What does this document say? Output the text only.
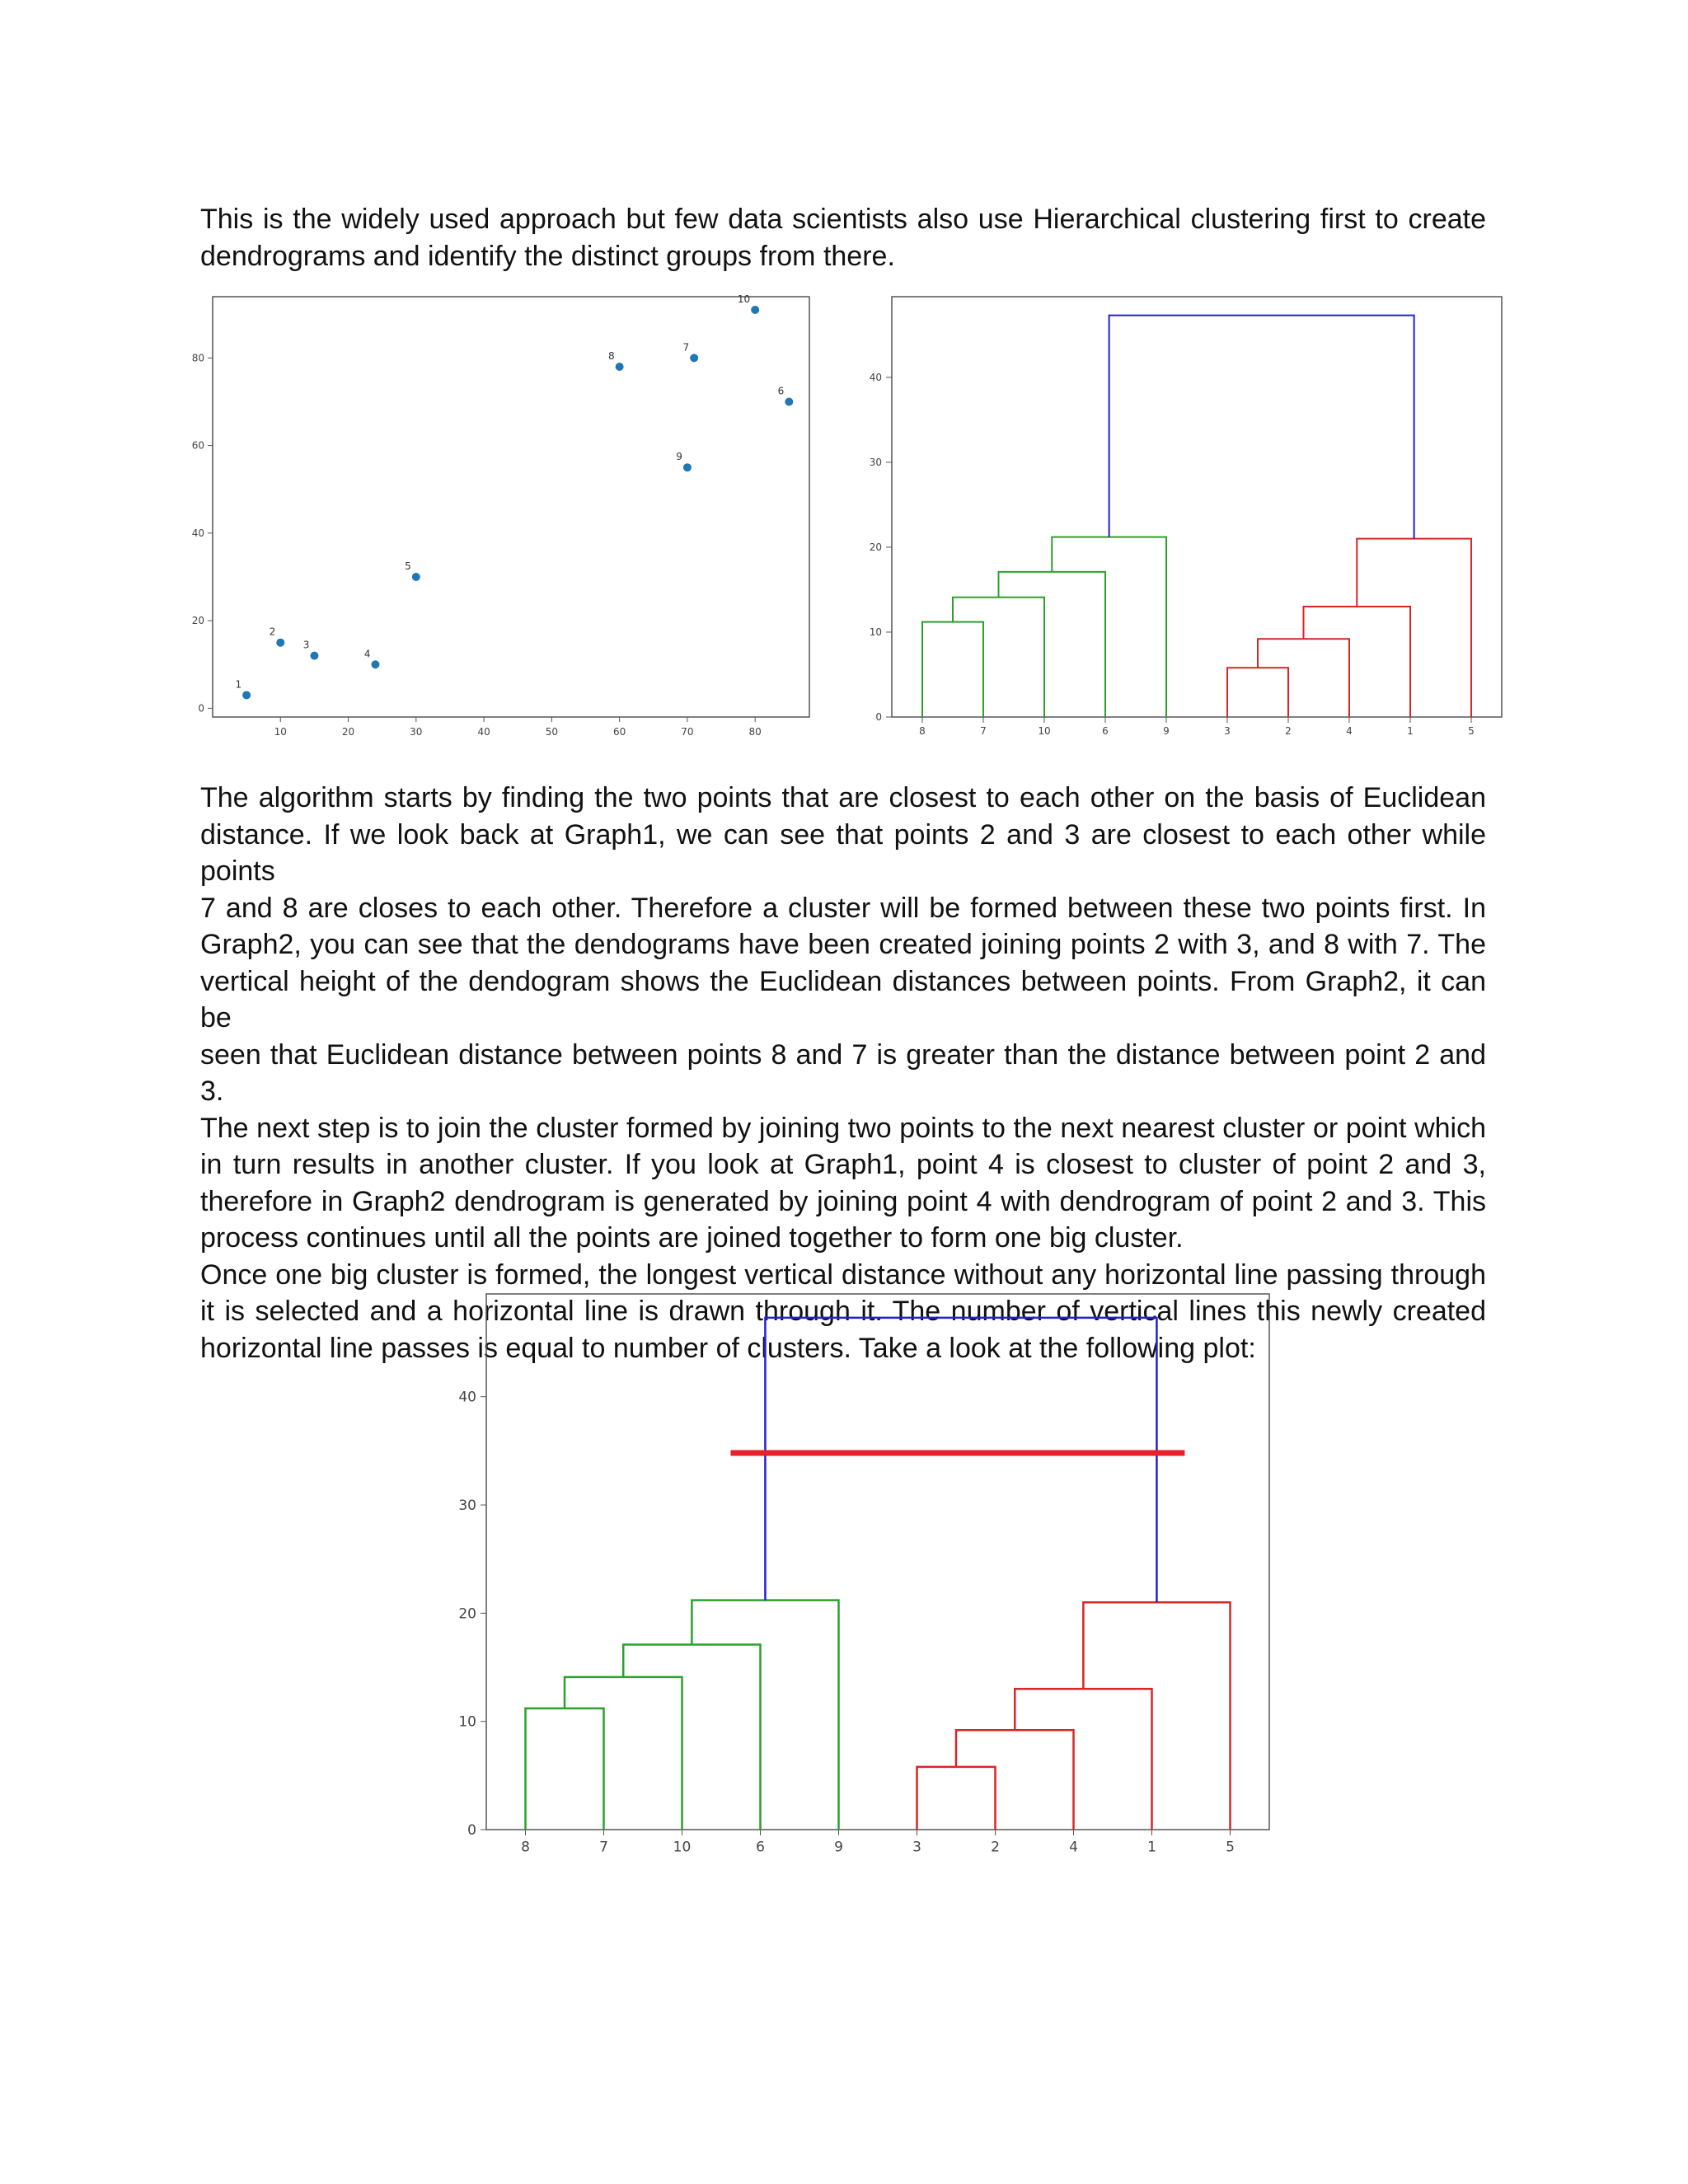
This is the widely used approach but few data scientists also use Hierarchical clustering first to create
dendrograms and identify the distinct groups from there.

10	20	30	40	50	60	70	80
0
20
40
60
80
1
2
3
4
5
6
7
8
9
10
0
10
20
30
40
8	7	10	6	9	3	2	4	1	5

The algorithm starts by finding the two points that are closest to each other on the basis of Euclidean
distance. If we look back at Graph1, we can see that points 2 and 3 are closest to each other while points
7 and 8 are closes to each other. Therefore a cluster will be formed between these two points first. In
Graph2, you can see that the dendograms have been created joining points 2 with 3, and 8 with 7. The
vertical height of the dendogram shows the Euclidean distances between points. From Graph2, it can be
seen that Euclidean distance between points 8 and 7 is greater than the distance between point 2 and 3.
The next step is to join the cluster formed by joining two points to the next nearest cluster or point which
in turn results in another cluster. If you look at Graph1, point 4 is closest to cluster of point 2 and 3,
therefore in Graph2 dendrogram is generated by joining point 4 with dendrogram of point 2 and 3. This
process continues until all the points are joined together to form one big cluster.
Once one big cluster is formed, the longest vertical distance without any horizontal line passing through
it is selected and a horizontal line is drawn through it. The number of vertical lines this newly created
horizontal line passes is equal to number of clusters. Take a look at the following plot:

0
10
20
30
40
8	7	10	6	9	3	2	4	1	5
